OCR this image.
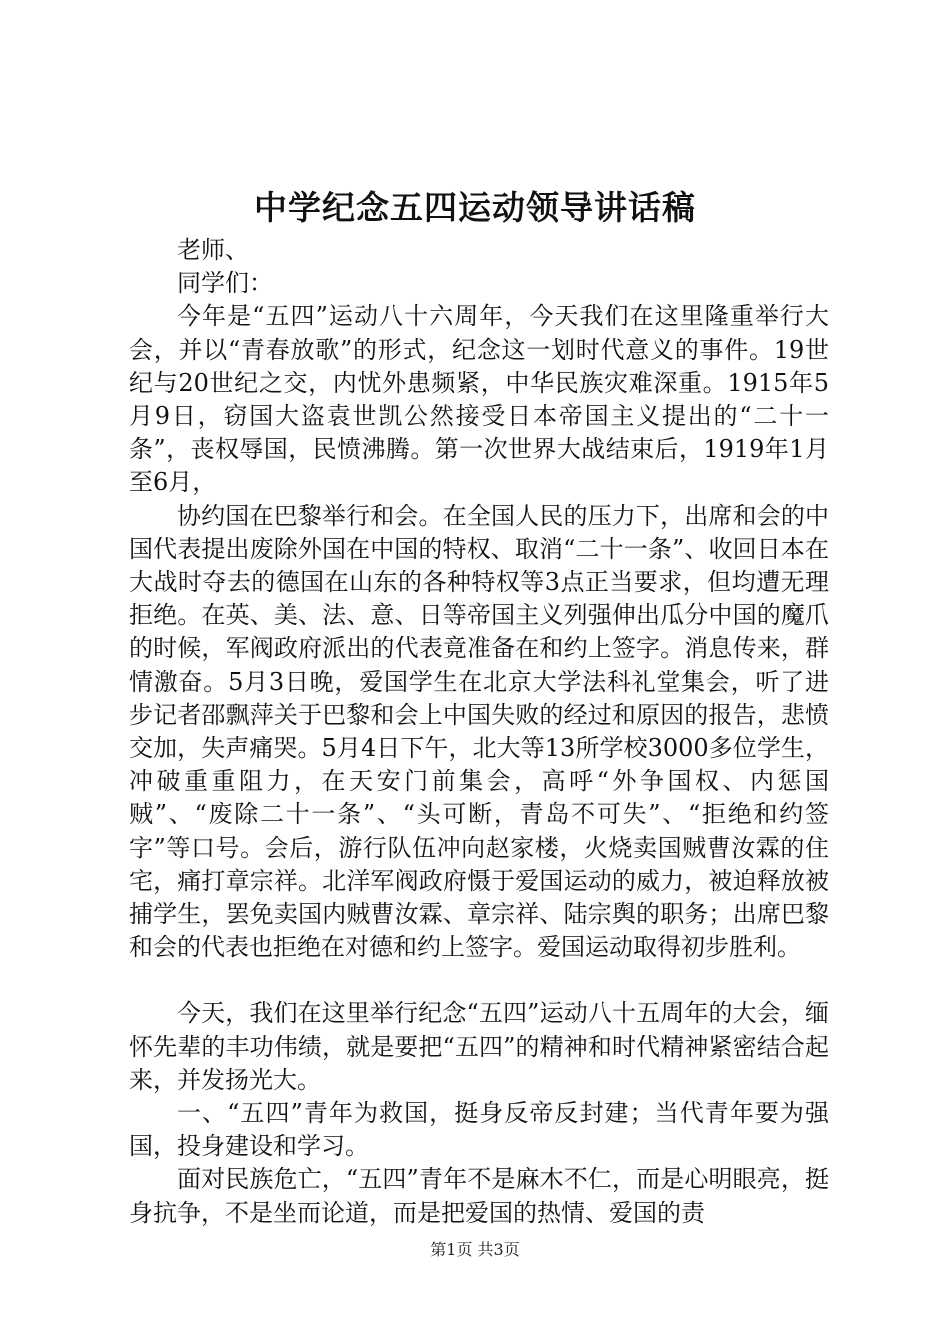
中学纪念五四运动领导讲话稿

老师、

同学们：

今年是“五四”运动八十六周年，今天我们在这里隆重举行大会，并以“青春放歌”的形式，纪念这一划时代意义的事件。19世纪与20世纪之交，内忧外患频紧，中华民族灾难深重。1915年5月9日，窃国大盗袁世凯公然接受日本帝国主义提出的“二十一条”，丧权辱国，民愤沸腾。第一次世界大战结束后，1919年1月至6月，

协约国在巴黎举行和会。在全国人民的压力下，出席和会的中国代表提出废除外国在中国的特权、取消“二十一条”、收回日本在大战时夺去的德国在山东的各种特权等3点正当要求，但均遭无理拒绝。在英、美、法、意、日等帝国主义列强伸出瓜分中国的魔爪的时候，军阀政府派出的代表竟准备在和约上签字。消息传来，群情激奋。5月3日晚，爱国学生在北京大学法科礼堂集会，听了进步记者邵飘萍关于巴黎和会上中国失败的经过和原因的报告，悲愤交加，失声痛哭。5月4日下午，北大等13所学校3000多位学生，冲破重重阻力，在天安门前集会，高呼“外争国权、内惩国贼”、“废除二十一条”、“头可断，青岛不可失”、“拒绝和约签字”等口号。会后，游行队伍冲向赵家楼，火烧卖国贼曹汝霖的住宅，痛打章宗祥。北洋军阀政府慑于爱国运动的威力，被迫释放被捕学生，罢免卖国内贼曹汝霖、章宗祥、陆宗舆的职务；出席巴黎和会的代表也拒绝在对德和约上签字。爱国运动取得初步胜利。

今天，我们在这里举行纪念“五四”运动八十五周年的大会，缅怀先辈的丰功伟绩，就是要把“五四”的精神和时代精神紧密结合起来，并发扬光大。

一、“五四”青年为救国，挺身反帝反封建；当代青年要为强国，投身建设和学习。

面对民族危亡，“五四”青年不是麻木不仁，而是心明眼亮，挺身抗争，不是坐而论道，而是把爱国的热情、爱国的责

第1页 共3页
